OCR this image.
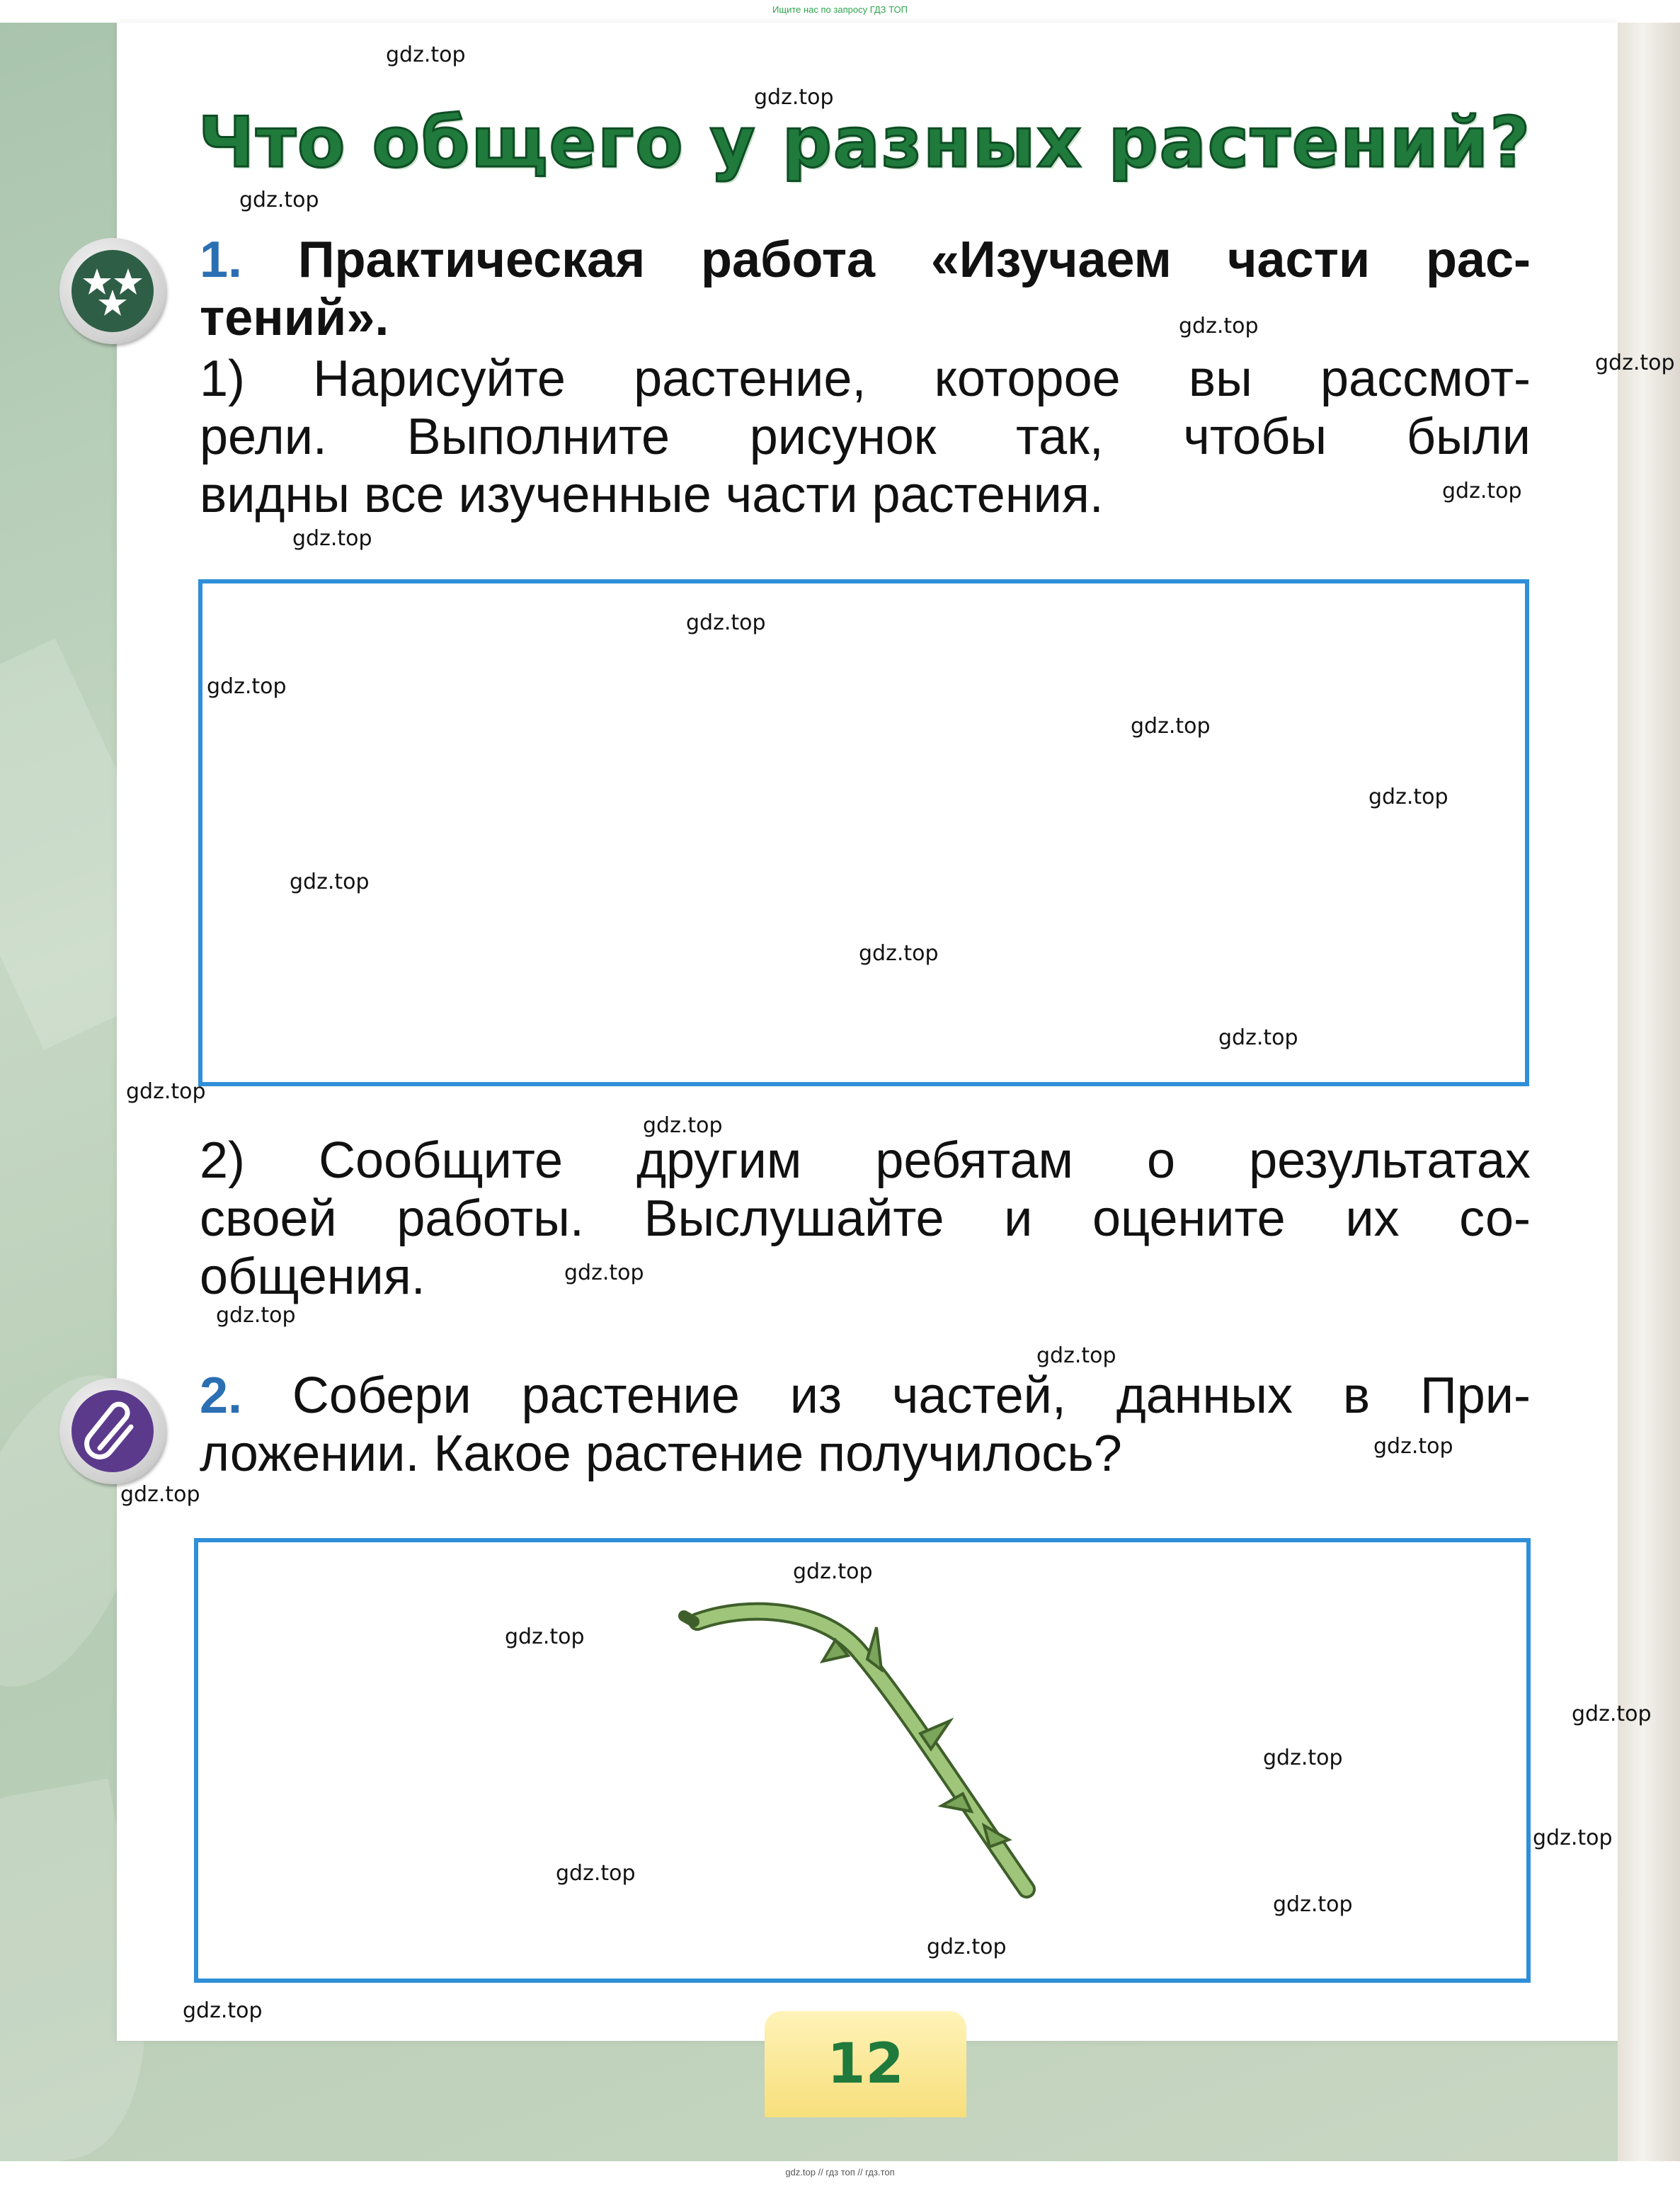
Ищите нас по запросу ГДЗ ТОП
Что общего у разных растений?
1. Практическая работа «Изучаем части рас-
тений».
1) Нарисуйте растение, которое вы рассмот-
рели. Выполните рисунок так, чтобы были
видны все изученные части растения.
2) Сообщите другим ребятам о результатах
своей работы. Выслушайте и оцените их со-
общения.
2. Собери растение из частей, данных в При-
ложении. Какое растение получилось?
12
gdz.top
gdz.top
gdz.top
gdz.top
gdz.top
gdz.top
gdz.top
gdz.top
gdz.top
gdz.top
gdz.top
gdz.top
gdz.top
gdz.top
gdz.top
gdz.top
gdz.top
gdz.top
gdz.top
gdz.top
gdz.top
gdz.top
gdz.top
gdz.top
gdz.top
gdz.top
gdz.top
gdz.top
gdz.top
gdz.top
gdz.top // гдз топ // гдз.топ
